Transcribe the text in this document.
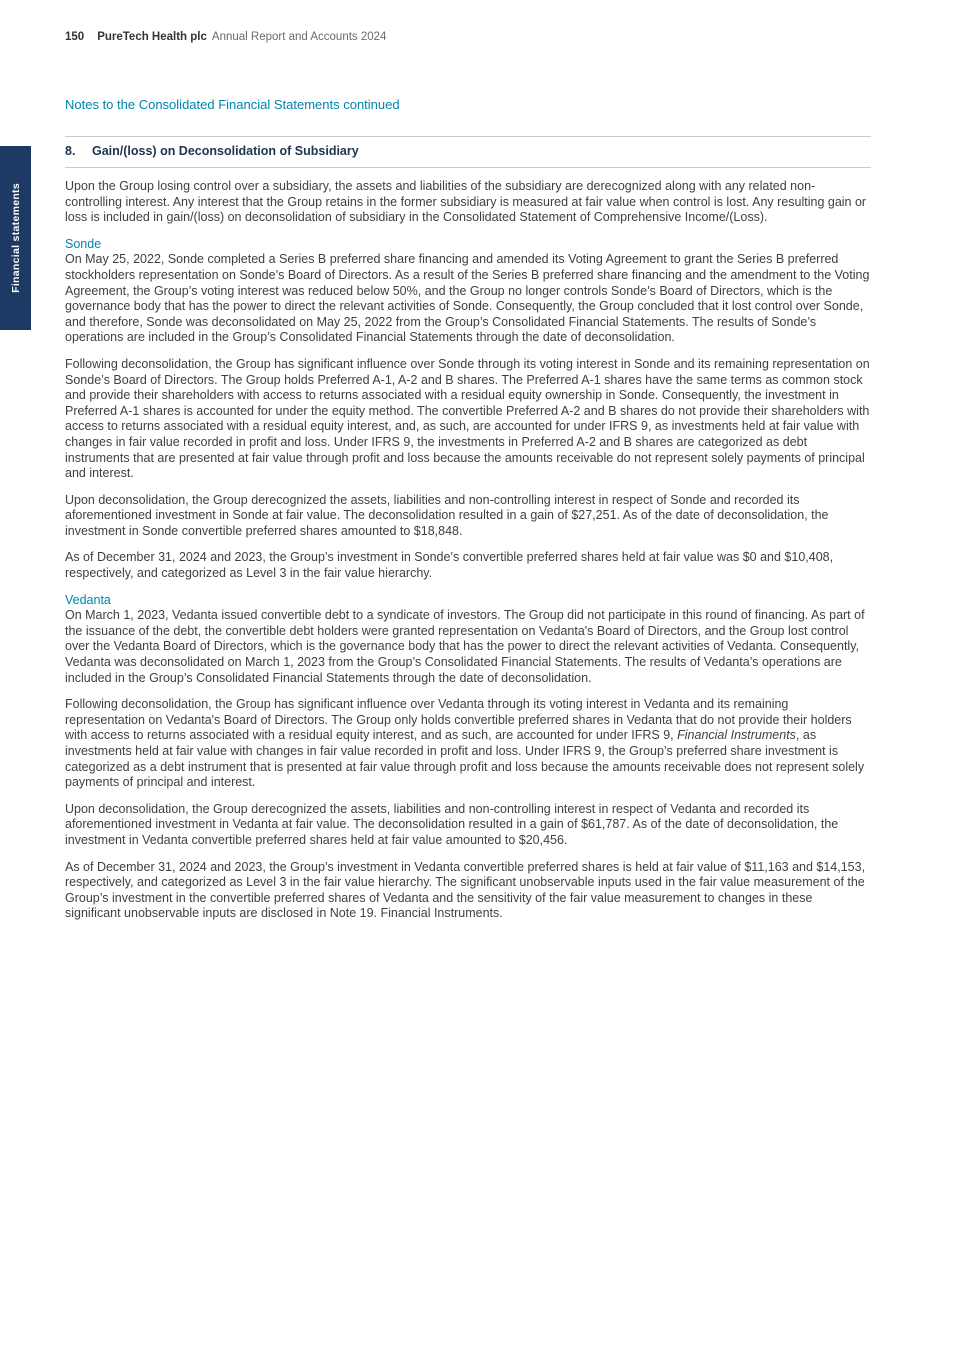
Financial statements
150 PureTech Health plc Annual Report and Accounts 2024
Notes to the Consolidated Financial Statements continued
8.	Gain/(loss) on Deconsolidation of Subsidiary

Upon the Group losing control over a subsidiary, the assets and liabilities of the subsidiary are derecognized along with any related non-controlling interest. Any interest that the Group retains in the former subsidiary is measured at fair value when control is lost. Any resulting gain or loss is included in gain/(loss) on deconsolidation of subsidiary in the Consolidated Statement of Comprehensive Income/(Loss).

Sonde

On May 25, 2022, Sonde completed a Series B preferred share financing and amended its Voting Agreement to grant the Series B preferred stockholders representation on Sonde’s Board of Directors. As a result of the Series B preferred share financing and the amendment to the Voting Agreement, the Group’s voting interest was reduced below 50%, and the Group no longer controls Sonde’s Board of Directors, which is the governance body that has the power to direct the relevant activities of Sonde. Consequently, the Group concluded that it lost control over Sonde, and therefore, Sonde was deconsolidated on May 25, 2022 from the Group’s Consolidated Financial Statements. The results of Sonde’s operations are included in the Group’s Consolidated Financial Statements through the date of deconsolidation.

Following deconsolidation, the Group has significant influence over Sonde through its voting interest in Sonde and its remaining representation on Sonde’s Board of Directors. The Group holds Preferred A-1, A-2 and B shares. The Preferred A-1 shares have the same terms as common stock and provide their shareholders with access to returns associated with a residual equity ownership in Sonde. Consequently, the investment in Preferred A-1 shares is accounted for under the equity method. The convertible Preferred A-2 and B shares do not provide their shareholders with access to returns associated with a residual equity interest, and, as such, are accounted for under IFRS 9, as investments held at fair value with changes in fair value recorded in profit and loss. Under IFRS 9, the investments in Preferred A-2 and B shares are categorized as debt instruments that are presented at fair value through profit and loss because the amounts receivable do not represent solely payments of principal and interest.

Upon deconsolidation, the Group derecognized the assets, liabilities and non-controlling interest in respect of Sonde and recorded its aforementioned investment in Sonde at fair value. The deconsolidation resulted in a gain of $27,251. As of the date of deconsolidation, the investment in Sonde convertible preferred shares amounted to $18,848.

As of December 31, 2024 and 2023, the Group’s investment in Sonde’s convertible preferred shares held at fair value was $0 and $10,408, respectively, and categorized as Level 3 in the fair value hierarchy.

Vedanta

On March 1, 2023, Vedanta issued convertible debt to a syndicate of investors. The Group did not participate in this round of financing. As part of the issuance of the debt, the convertible debt holders were granted representation on Vedanta's Board of Directors, and the Group lost control over the Vedanta Board of Directors, which is the governance body that has the power to direct the relevant activities of Vedanta. Consequently, Vedanta was deconsolidated on March 1, 2023 from the Group’s Consolidated Financial Statements. The results of Vedanta’s operations are included in the Group’s Consolidated Financial Statements through the date of deconsolidation.

Following deconsolidation, the Group has significant influence over Vedanta through its voting interest in Vedanta and its remaining representation on Vedanta's Board of Directors. The Group only holds convertible preferred shares in Vedanta that do not provide their holders with access to returns associated with a residual equity interest, and as such, are accounted for under IFRS 9, Financial Instruments, as investments held at fair value with changes in fair value recorded in profit and loss. Under IFRS 9, the Group’s preferred share investment is categorized as a debt instrument that is presented at fair value through profit and loss because the amounts receivable does not represent solely payments of principal and interest.

Upon deconsolidation, the Group derecognized the assets, liabilities and non-controlling interest in respect of Vedanta and recorded its aforementioned investment in Vedanta at fair value. The deconsolidation resulted in a gain of $61,787. As of the date of deconsolidation, the investment in Vedanta convertible preferred shares held at fair value amounted to $20,456.

As of December 31, 2024 and 2023, the Group’s investment in Vedanta convertible preferred shares is held at fair value of $11,163 and $14,153, respectively, and categorized as Level 3 in the fair value hierarchy. The significant unobservable inputs used in the fair value measurement of the Group’s investment in the convertible preferred shares of Vedanta and the sensitivity of the fair value measurement to changes in these significant unobservable inputs are disclosed in Note 19. Financial Instruments.
